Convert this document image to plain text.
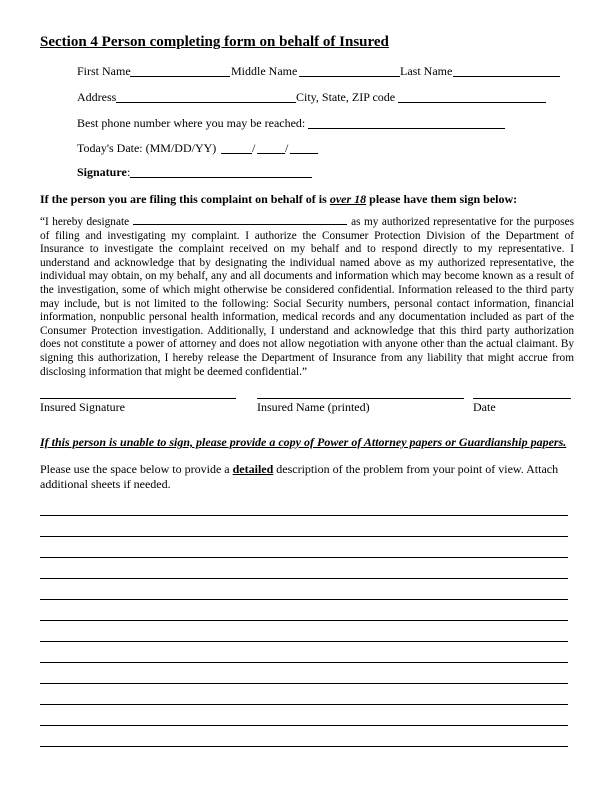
Section 4 Person completing form on behalf of Insured
First Name	Middle Name	Last Name
Address	City, State, ZIP code
Best phone number where you may be reached:
Today's Date: (MM/DD/YY)	/ /
Signature :
If the person you are filing this complaint on behalf of is over 18 please have them sign below:
“I hereby designate	as my authorized representative for the purposes of filing and investigating my complaint. I authorize the Consumer Protection Division of the Department of Insurance to investigate the complaint received on my behalf and to respond directly to my representative. I understand and acknowledge that by designating the individual named above as my authorized representative, the individual may obtain, on my behalf, any and all documents and information which may become known as a result of the investigation, some of which might otherwise be considered confidential. Information released to the third party may include, but is not limited to the following: Social Security numbers, personal contact information, financial information, nonpublic personal health information, medical records and any documentation included as part of the Consumer Protection investigation. Additionally, I understand and acknowledge that this third party authorization does not constitute a power of attorney and does not allow negotiation with anyone other than the actual claimant. By signing this authorization, I hereby release the Department of Insurance from any liability that might accrue from disclosing information that might be deemed confidential.”
Insured Signature	Insured Name (printed)	Date
If this person is unable to sign, please provide a copy of Power of Attorney papers or Guardianship papers.
Please use the space below to provide a detailed description of the problem from your point of view. Attach additional sheets if needed.
